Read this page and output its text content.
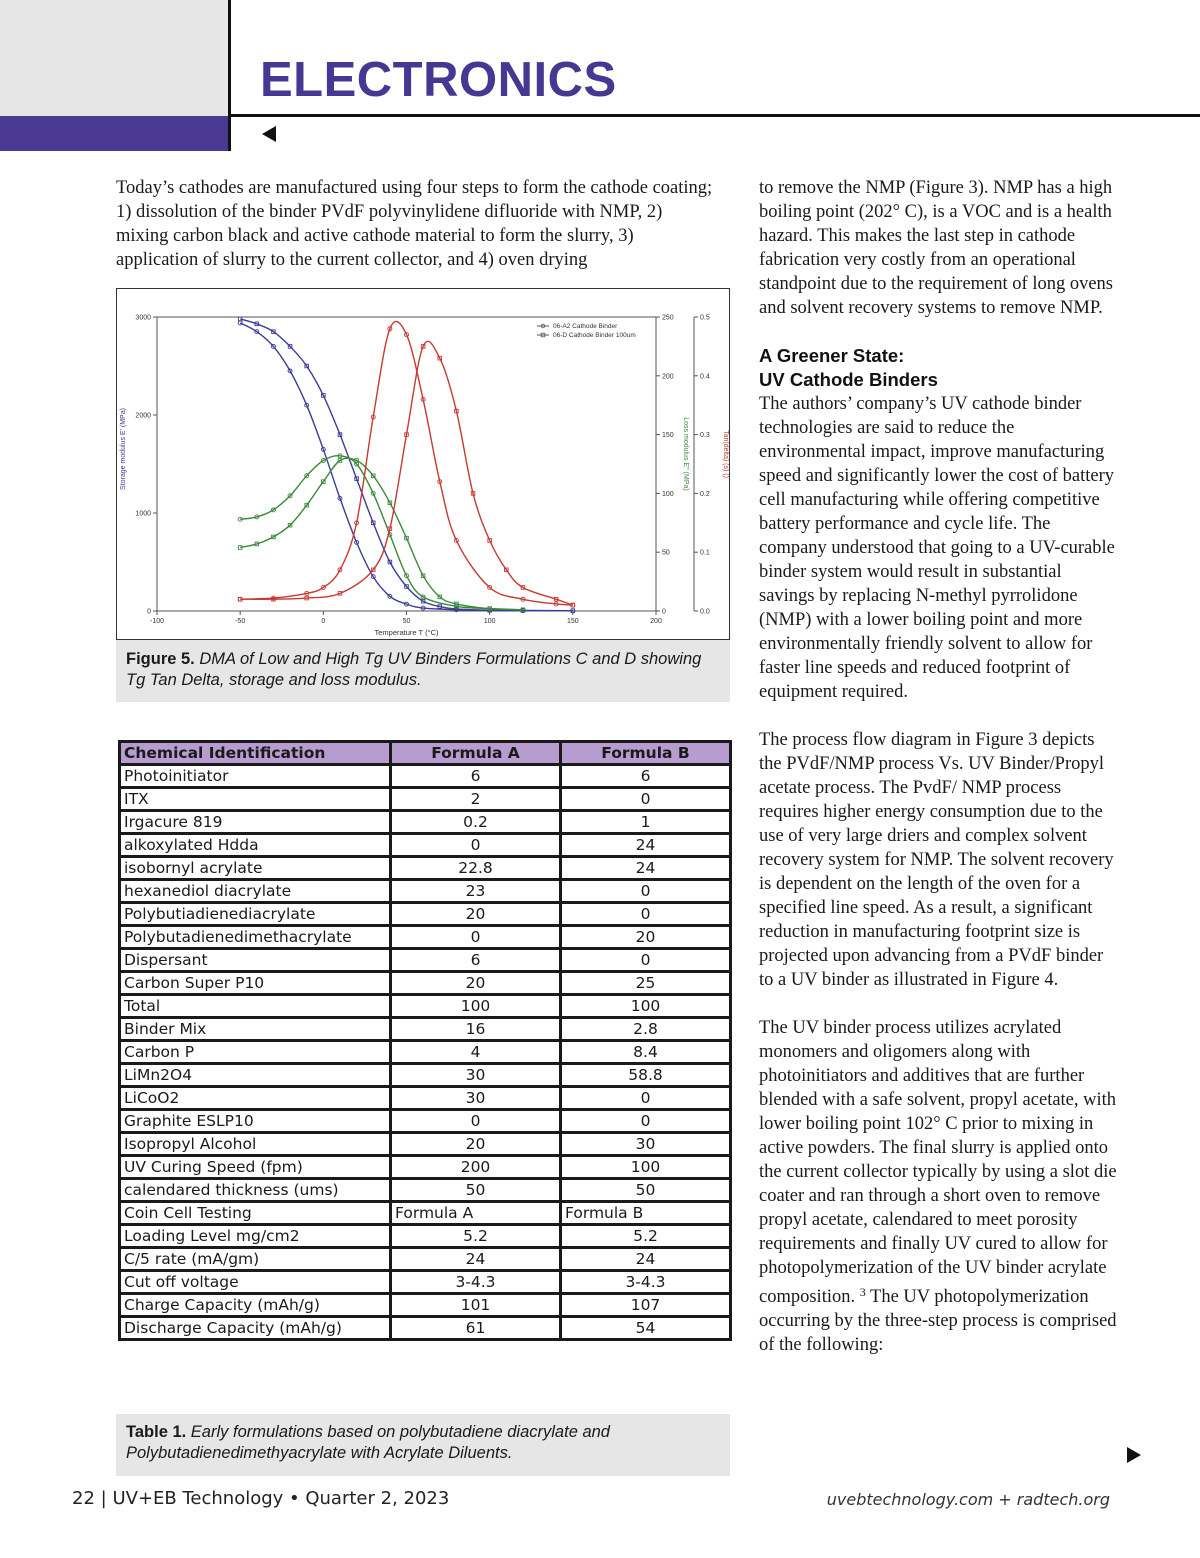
ELECTRONICS

Today’s cathodes are manufactured using four steps to form the cathode coating; 1) dissolution of the binder PVdF polyvinylidene difluoride with NMP, 2) mixing carbon black and active cathode material to form the slurry, 3) application of slurry to the current collector, and 4) oven drying

-100	-50	0	50	100	150	200
0
1000
2000
3000
0
50
100
150
200
250
0.0
0.1
0.2
0.3
0.4
0.5
Temperature T (°C)
Storage modulus E' (MPa)	Loss modulus E'' (MPa)	Tan(delta) (s) ()
06-A2 Cathode Binder
06-D Cathode Binder 100um
Figure 5. DMA of Low and High Tg UV Binders Formulations C and D showing Tg Tan Delta, storage and loss modulus.
Chemical Identification	Formula A	Formula B
Photoinitiator	6	6
ITX	2	0
Irgacure 819	0.2	1
alkoxylated Hdda	0	24
isobornyl acrylate	22.8	24
hexanediol diacrylate	23	0
Polybutiadienediacrylate	20	0
Polybutadienedimethacrylate	0	20
Dispersant	6	0
Carbon Super P10	20	25
Total	100	100
Binder Mix	16	2.8
Carbon P	4	8.4
LiMn2O4	30	58.8
LiCoO2	30	0
Graphite ESLP10	0	0
Isopropyl Alcohol	20	30
UV Curing Speed (fpm)	200	100
calendared thickness (ums)	50	50
Coin Cell Testing	Formula A	Formula B
Loading Level mg/cm2	5.2	5.2
C/5 rate (mA/gm)	24	24
Cut off voltage	3-4.3	3-4.3
Charge Capacity (mAh/g)	101	107
Discharge Capacity (mAh/g)	61	54
Table 1. Early formulations based on polybutadiene diacrylate and Polybutadienedimethyacrylate with Acrylate Diluents.

to remove the NMP (Figure 3). NMP has a high boiling point (202° C), is a VOC and is a health hazard. This makes the last step in cathode fabrication very costly from an operational standpoint due to the requirement of long ovens and solvent recovery systems to remove NMP.

A Greener State:
UV Cathode Binders

The authors’ company’s UV cathode binder technologies are said to reduce the environmental impact, improve manufacturing speed and significantly lower the cost of battery cell manufacturing while offering competitive battery performance and cycle life. The company understood that going to a UV-curable binder system would result in substantial savings by replacing N-methyl pyrrolidone (NMP) with a lower boiling point and more environmentally friendly solvent to allow for faster line speeds and reduced footprint of equipment required.

The process flow diagram in Figure 3 depicts the PVdF/NMP process Vs. UV Binder/Propyl acetate process. The PvdF/ NMP process requires higher energy consumption due to the use of very large driers and complex solvent recovery system for NMP. The solvent recovery is dependent on the length of the oven for a specified line speed. As a result, a significant reduction in manufacturing footprint size is projected upon advancing from a PVdF binder to a UV binder as illustrated in Figure 4.

The UV binder process utilizes acrylated monomers and oligomers along with photoinitiators and additives that are further blended with a safe solvent, propyl acetate, with lower boiling point 102° C prior to mixing in active powders. The final slurry is applied onto the current collector typically by using a slot die coater and ran through a short oven to remove propyl acetate, calendared to meet porosity requirements and finally UV cured to allow for photopolymerization of the UV binder acrylate composition. $^3$ The UV photopolymerization occurring by the three-step process is comprised of the following:

22 | UV+EB Technology • Quarter 2, 2023	uvebtechnology.com + radtech.org
